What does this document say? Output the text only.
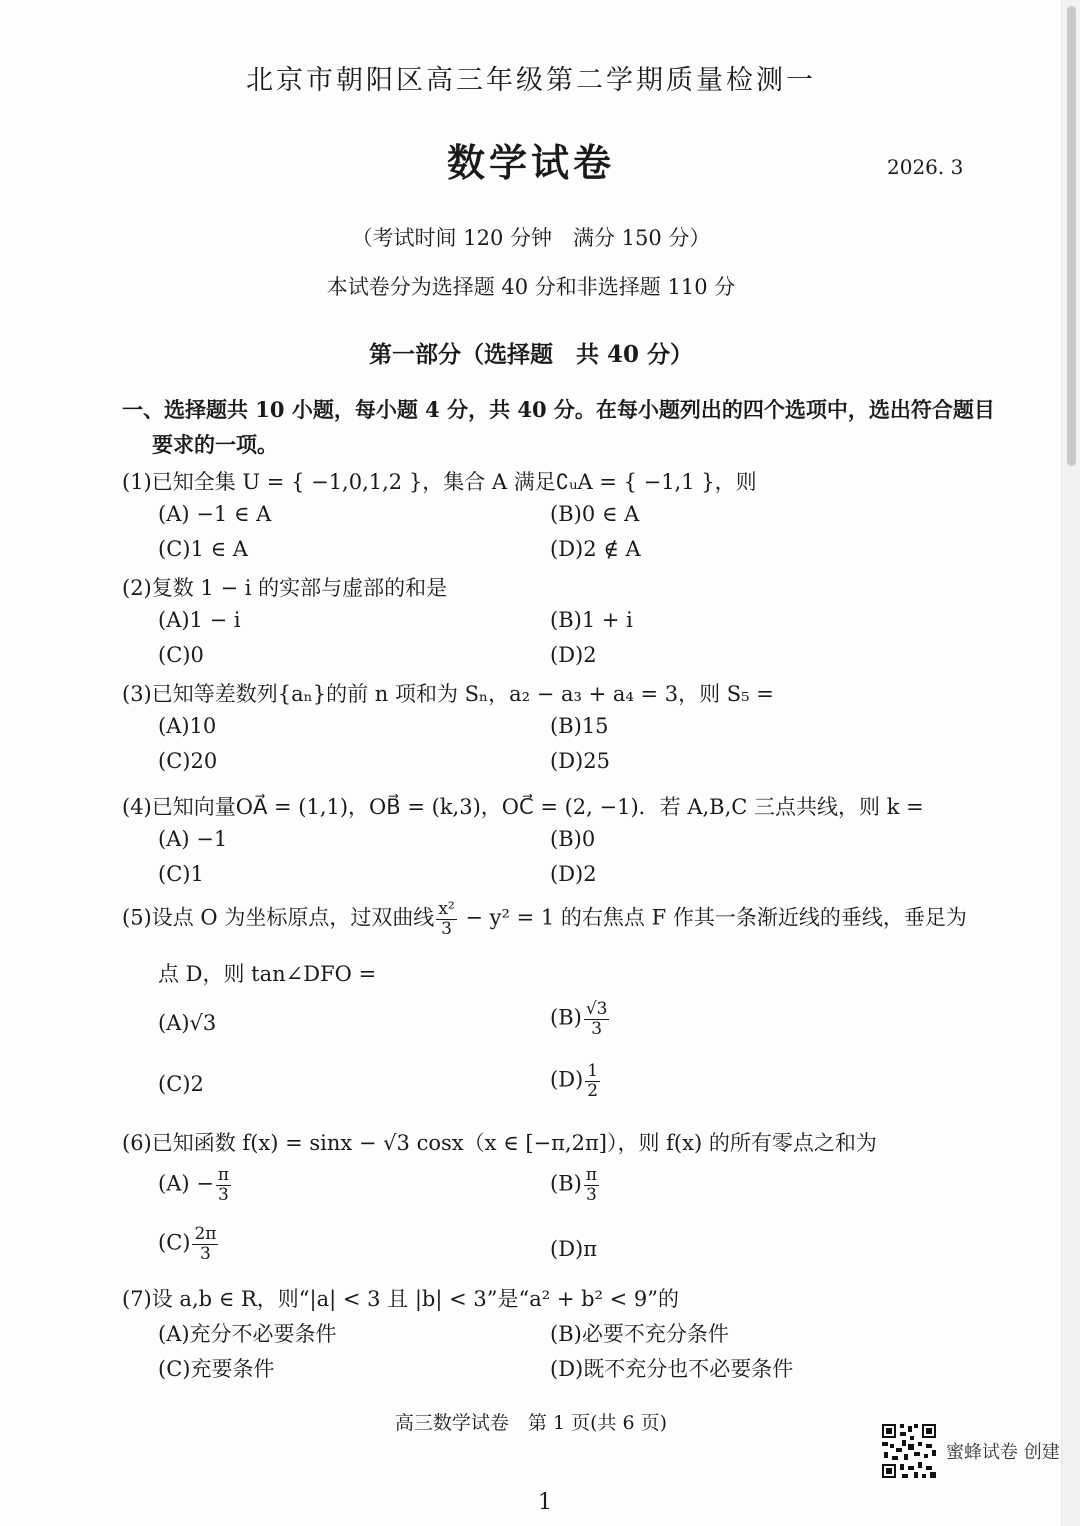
北京市朝阳区高三年级第二学期质量检测一
数学试卷	2026. 3
（考试时间 120 分钟　满分 150 分）
本试卷分为选择题 40 分和非选择题 110 分
第一部分（选择题　共 40 分）
一、选择题共 10 小题，每小题 4 分，共 40 分。在每小题列出的四个选项中，选出符合题目
要求的一项。
(1)已知全集 U = { −1,0,1,2 }，集合 A 满足∁ᵤA = { −1,1 }，则
(A) −1 ∈ A	(B)0 ∈ A
(C)1 ∈ A	(D)2 ∉ A
(2)复数 1 − i 的实部与虚部的和是
(A)1 − i	(B)1 + i
(C)0	(D)2
(3)已知等差数列{aₙ}的前 n 项和为 Sₙ，a₂ − a₃ + a₄ = 3，则 S₅ =
(A)10	(B)15
(C)20	(D)25
(4)已知向量OA⃗ = (1,1)，OB⃗ = (k,3)，OC⃗ = (2, −1)．若 A,B,C 三点共线，则 k =
(A) −1	(B)0
(C)1	(D)2
(5)设点 O 为坐标原点，过双曲线 $\frac{\text{x²}}{3} - y^2 = 1$ 的右焦点 F 作其一条渐近线的垂线，垂足为
点 D，则 tan∠DFO =
(A)√3	$(B) \frac{√3}{3}$
(C)2	$(D) \frac{1}{2}$
(6)已知函数 f(x) = sinx − √3 cosx（x ∈ [−π,2π]），则 f(x) 的所有零点之和为
$(A) - \frac{\pi}{3}$	$(B) \frac{\pi}{3}$
$(C) \frac{2\pi}{3}$	(D)π
(7)设 a,b ∈ R，则“|a| < 3 且 |b| < 3”是“a² + b² < 9”的
(A)充分不必要条件	(B)必要不充分条件
(C)充要条件	(D)既不充分也不必要条件
高三数学试卷　第 1 页(共 6 页)
蜜蜂试卷 创建
1
